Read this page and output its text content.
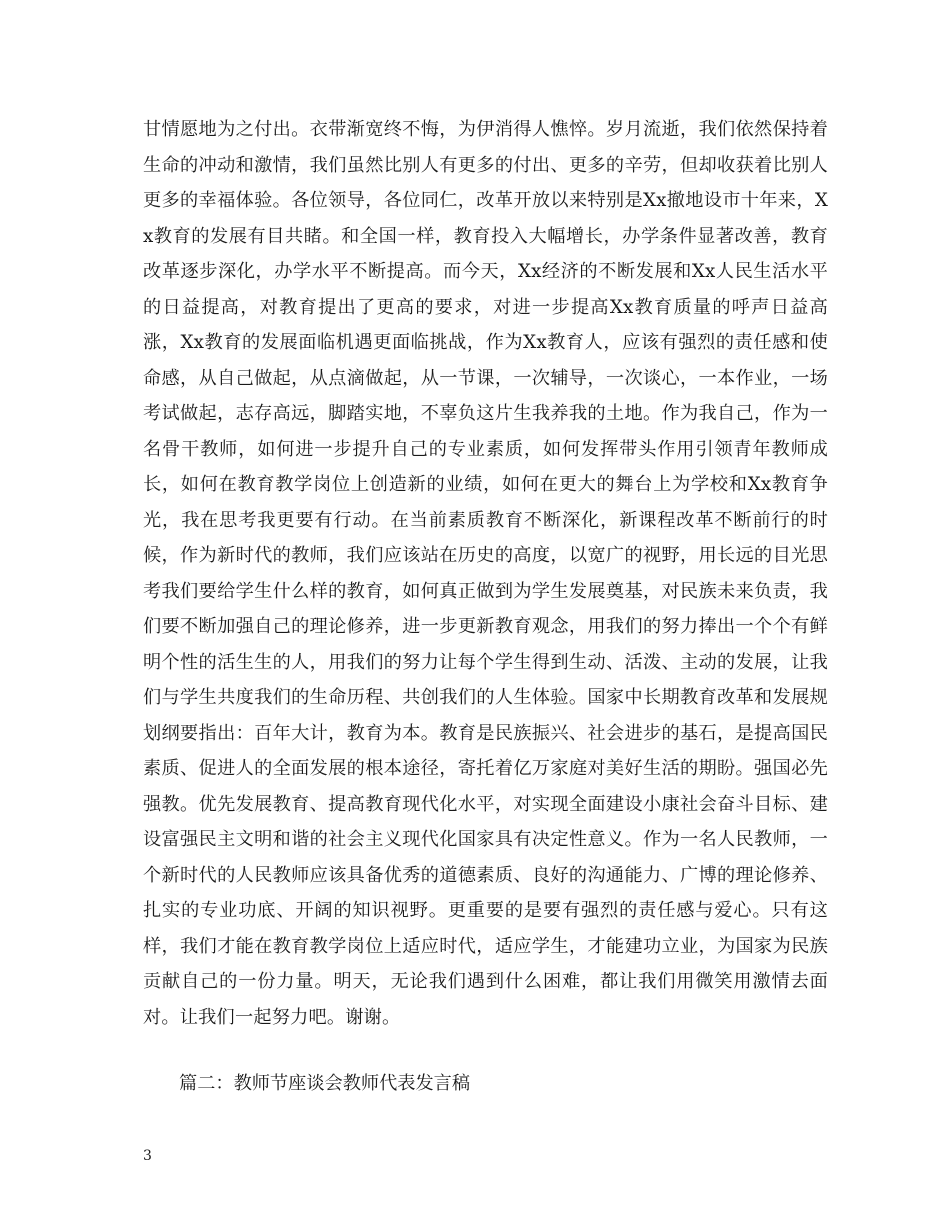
甘情愿地为之付出。衣带渐宽终不悔，为伊消得人憔悴。岁月流逝，我们依然保持着生命的冲动和激情，我们虽然比别人有更多的付出、更多的辛劳，但却收获着比别人更多的幸福体验。各位领导，各位同仁，改革开放以来特别是Xx撤地设市十年来，Xx教育的发展有目共睹。和全国一样，教育投入大幅增长，办学条件显著改善，教育改革逐步深化，办学水平不断提高。而今天，Xx经济的不断发展和Xx人民生活水平的日益提高，对教育提出了更高的要求，对进一步提高Xx教育质量的呼声日益高涨，Xx教育的发展面临机遇更面临挑战，作为Xx教育人，应该有强烈的责任感和使命感，从自己做起，从点滴做起，从一节课，一次辅导，一次谈心，一本作业，一场考试做起，志存高远，脚踏实地，不辜负这片生我养我的土地。作为我自己，作为一名骨干教师，如何进一步提升自己的专业素质，如何发挥带头作用引领青年教师成长，如何在教育教学岗位上创造新的业绩，如何在更大的舞台上为学校和Xx教育争光，我在思考我更要有行动。在当前素质教育不断深化，新课程改革不断前行的时候，作为新时代的教师，我们应该站在历史的高度，以宽广的视野，用长远的目光思考我们要给学生什么样的教育，如何真正做到为学生发展奠基，对民族未来负责，我们要不断加强自己的理论修养，进一步更新教育观念，用我们的努力捧出一个个有鲜明个性的活生生的人，用我们的努力让每个学生得到生动、活泼、主动的发展，让我们与学生共度我们的生命历程、共创我们的人生体验。国家中长期教育改革和发展规划纲要指出：百年大计，教育为本。教育是民族振兴、社会进步的基石，是提高国民素质、促进人的全面发展的根本途径，寄托着亿万家庭对美好生活的期盼。强国必先强教。优先发展教育、提高教育现代化水平，对实现全面建设小康社会奋斗目标、建设富强民主文明和谐的社会主义现代化国家具有决定性意义。作为一名人民教师，一个新时代的人民教师应该具备优秀的道德素质、良好的沟通能力、广博的理论修养、扎实的专业功底、开阔的知识视野。更重要的是要有强烈的责任感与爱心。只有这样，我们才能在教育教学岗位上适应时代，适应学生，才能建功立业，为国家为民族贡献自己的一份力量。明天，无论我们遇到什么困难，都让我们用微笑用激情去面对。让我们一起努力吧。谢谢。
篇二：教师节座谈会教师代表发言稿
3
